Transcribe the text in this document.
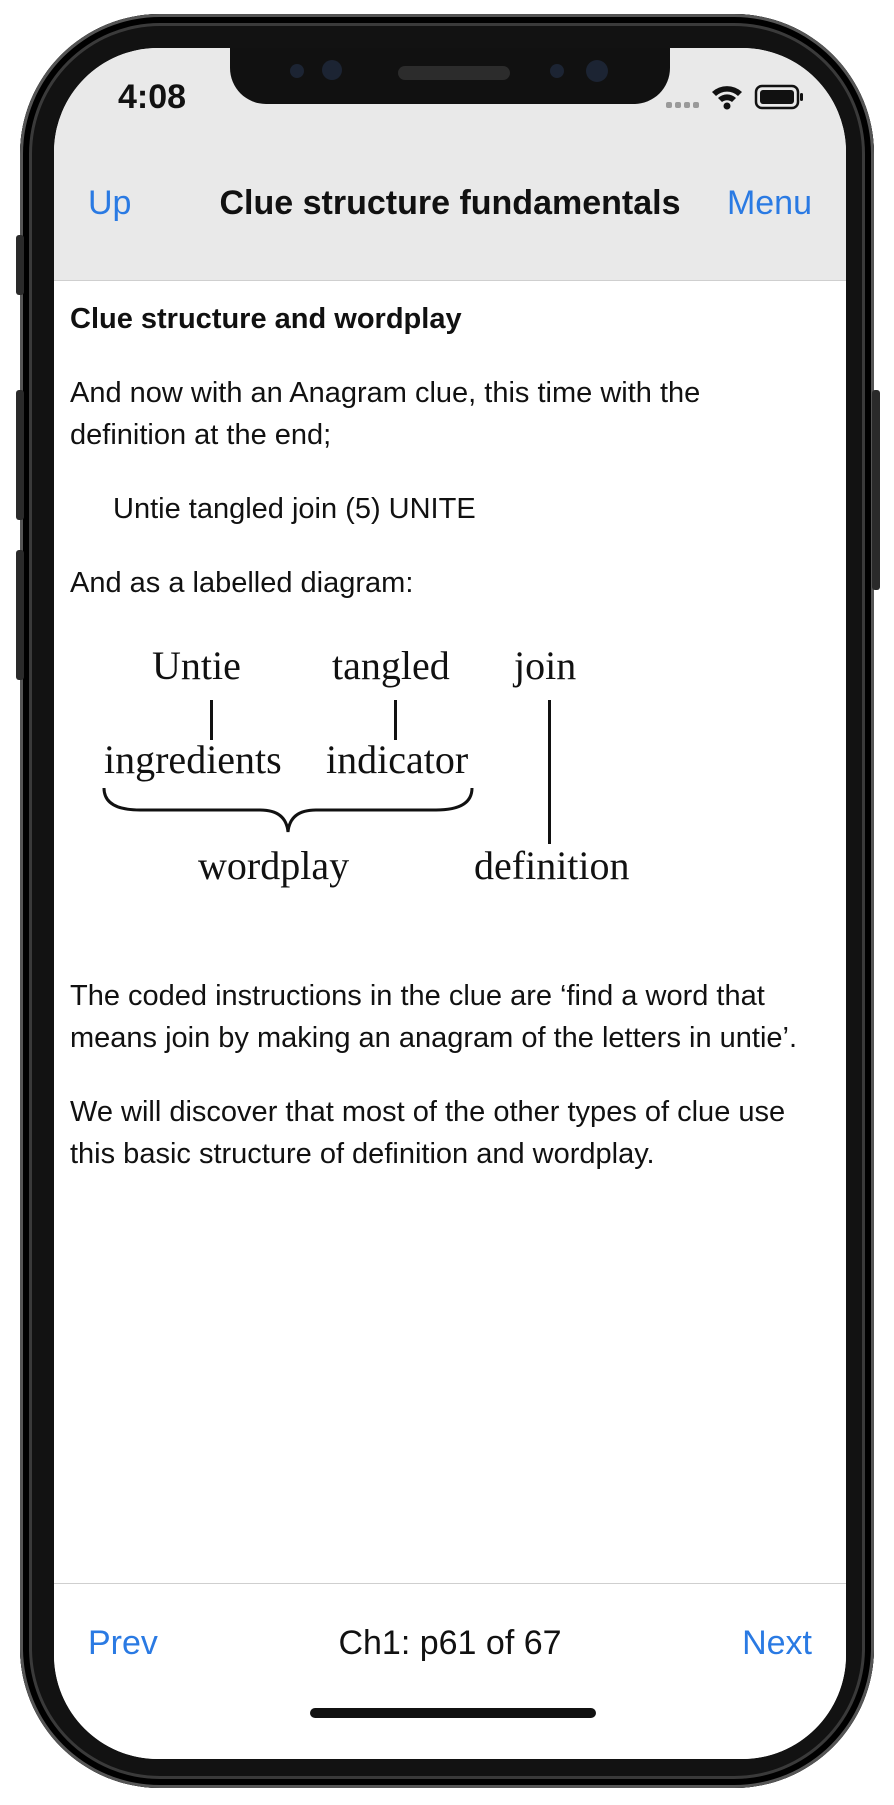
4:08
Clue structure fundamentals
Up	Menu

Clue structure and wordplay

And now with an Anagram clue, this time with the definition at the end;

Untie tangled join (5) UNITE

And as a labelled diagram:

Untie tangled join
ingredients indicator
wordplay	definition

The coded instructions in the clue are ‘find a word that means join by making an anagram of the letters in untie’.

We will discover that most of the other types of clue use this basic structure of definition and wordplay.

Ch1: p61 of 67
Prev	Next
